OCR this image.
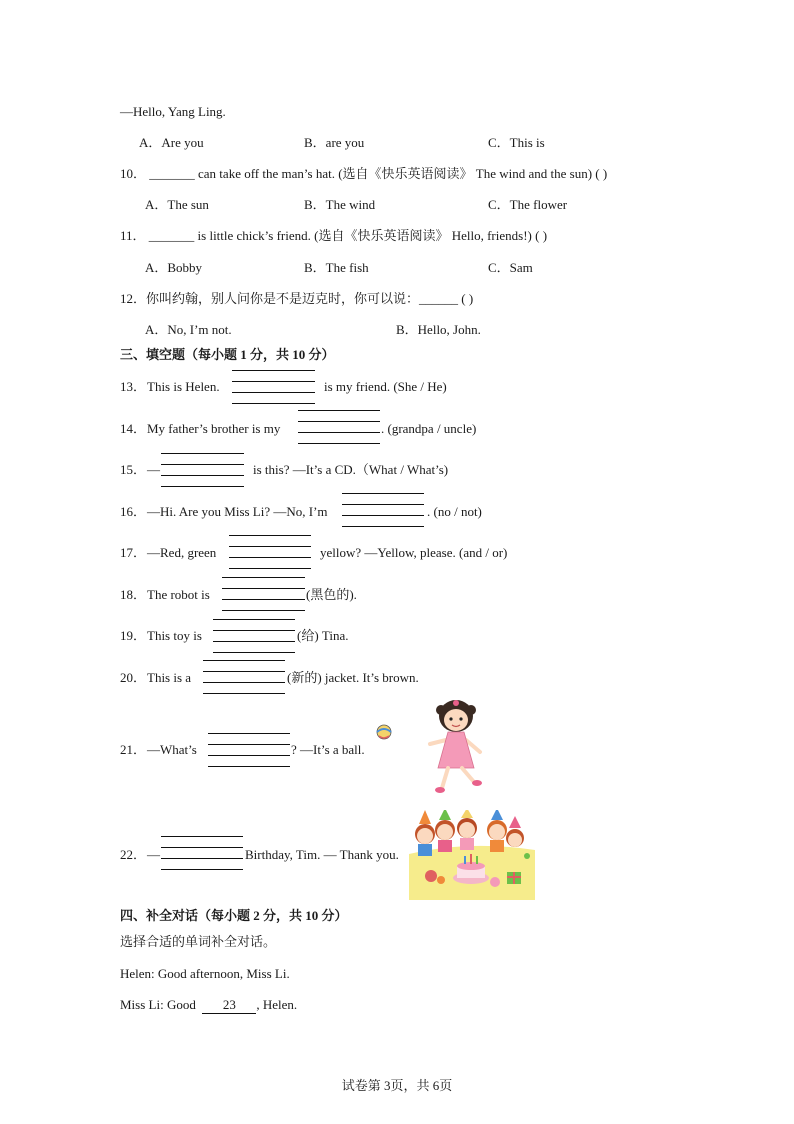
—Hello, Yang Ling.
A．Are you	B．are you	C．This is
10． _______ can take off the man’s hat. (选自《快乐英语阅读》 The wind and the sun) ( )
A．The sun	B．The wind	C．The flower
11． _______ is little chick’s friend. (选自《快乐英语阅读》 Hello, friends!) ( )
A．Bobby	B．The fish	C．Sam
12．你叫约翰，别人问你是不是迈克时，你可以说：______ ( )
A．No, I’m not.	B．Hello, John.
三、填空题（每小题 1 分，共 10 分）
13． This is Helen.	is my friend. (She / He)
14． My father’s brother is my	. (grandpa / uncle)
15． —	is this? —It’s a CD.（What / What’s)
16． —Hi. Are you Miss Li? —No, I’m	. (no / not)
17． —Red, green	yellow? —Yellow, please. (and / or)
18． The robot is	(黑色的).
19． This toy is	(给) Tina.
20． This is a	(新的) jacket. It’s brown.
21． —What’s	? —It’s a ball.
22． —	Birthday, Tim. — Thank you.
四、补全对话（每小题 2 分，共 10 分）
选择合适的单词补全对话。
Helen: Good afternoon, Miss Li.
Miss Li: Good  23 , Helen.
试卷第 3页，共 6页
